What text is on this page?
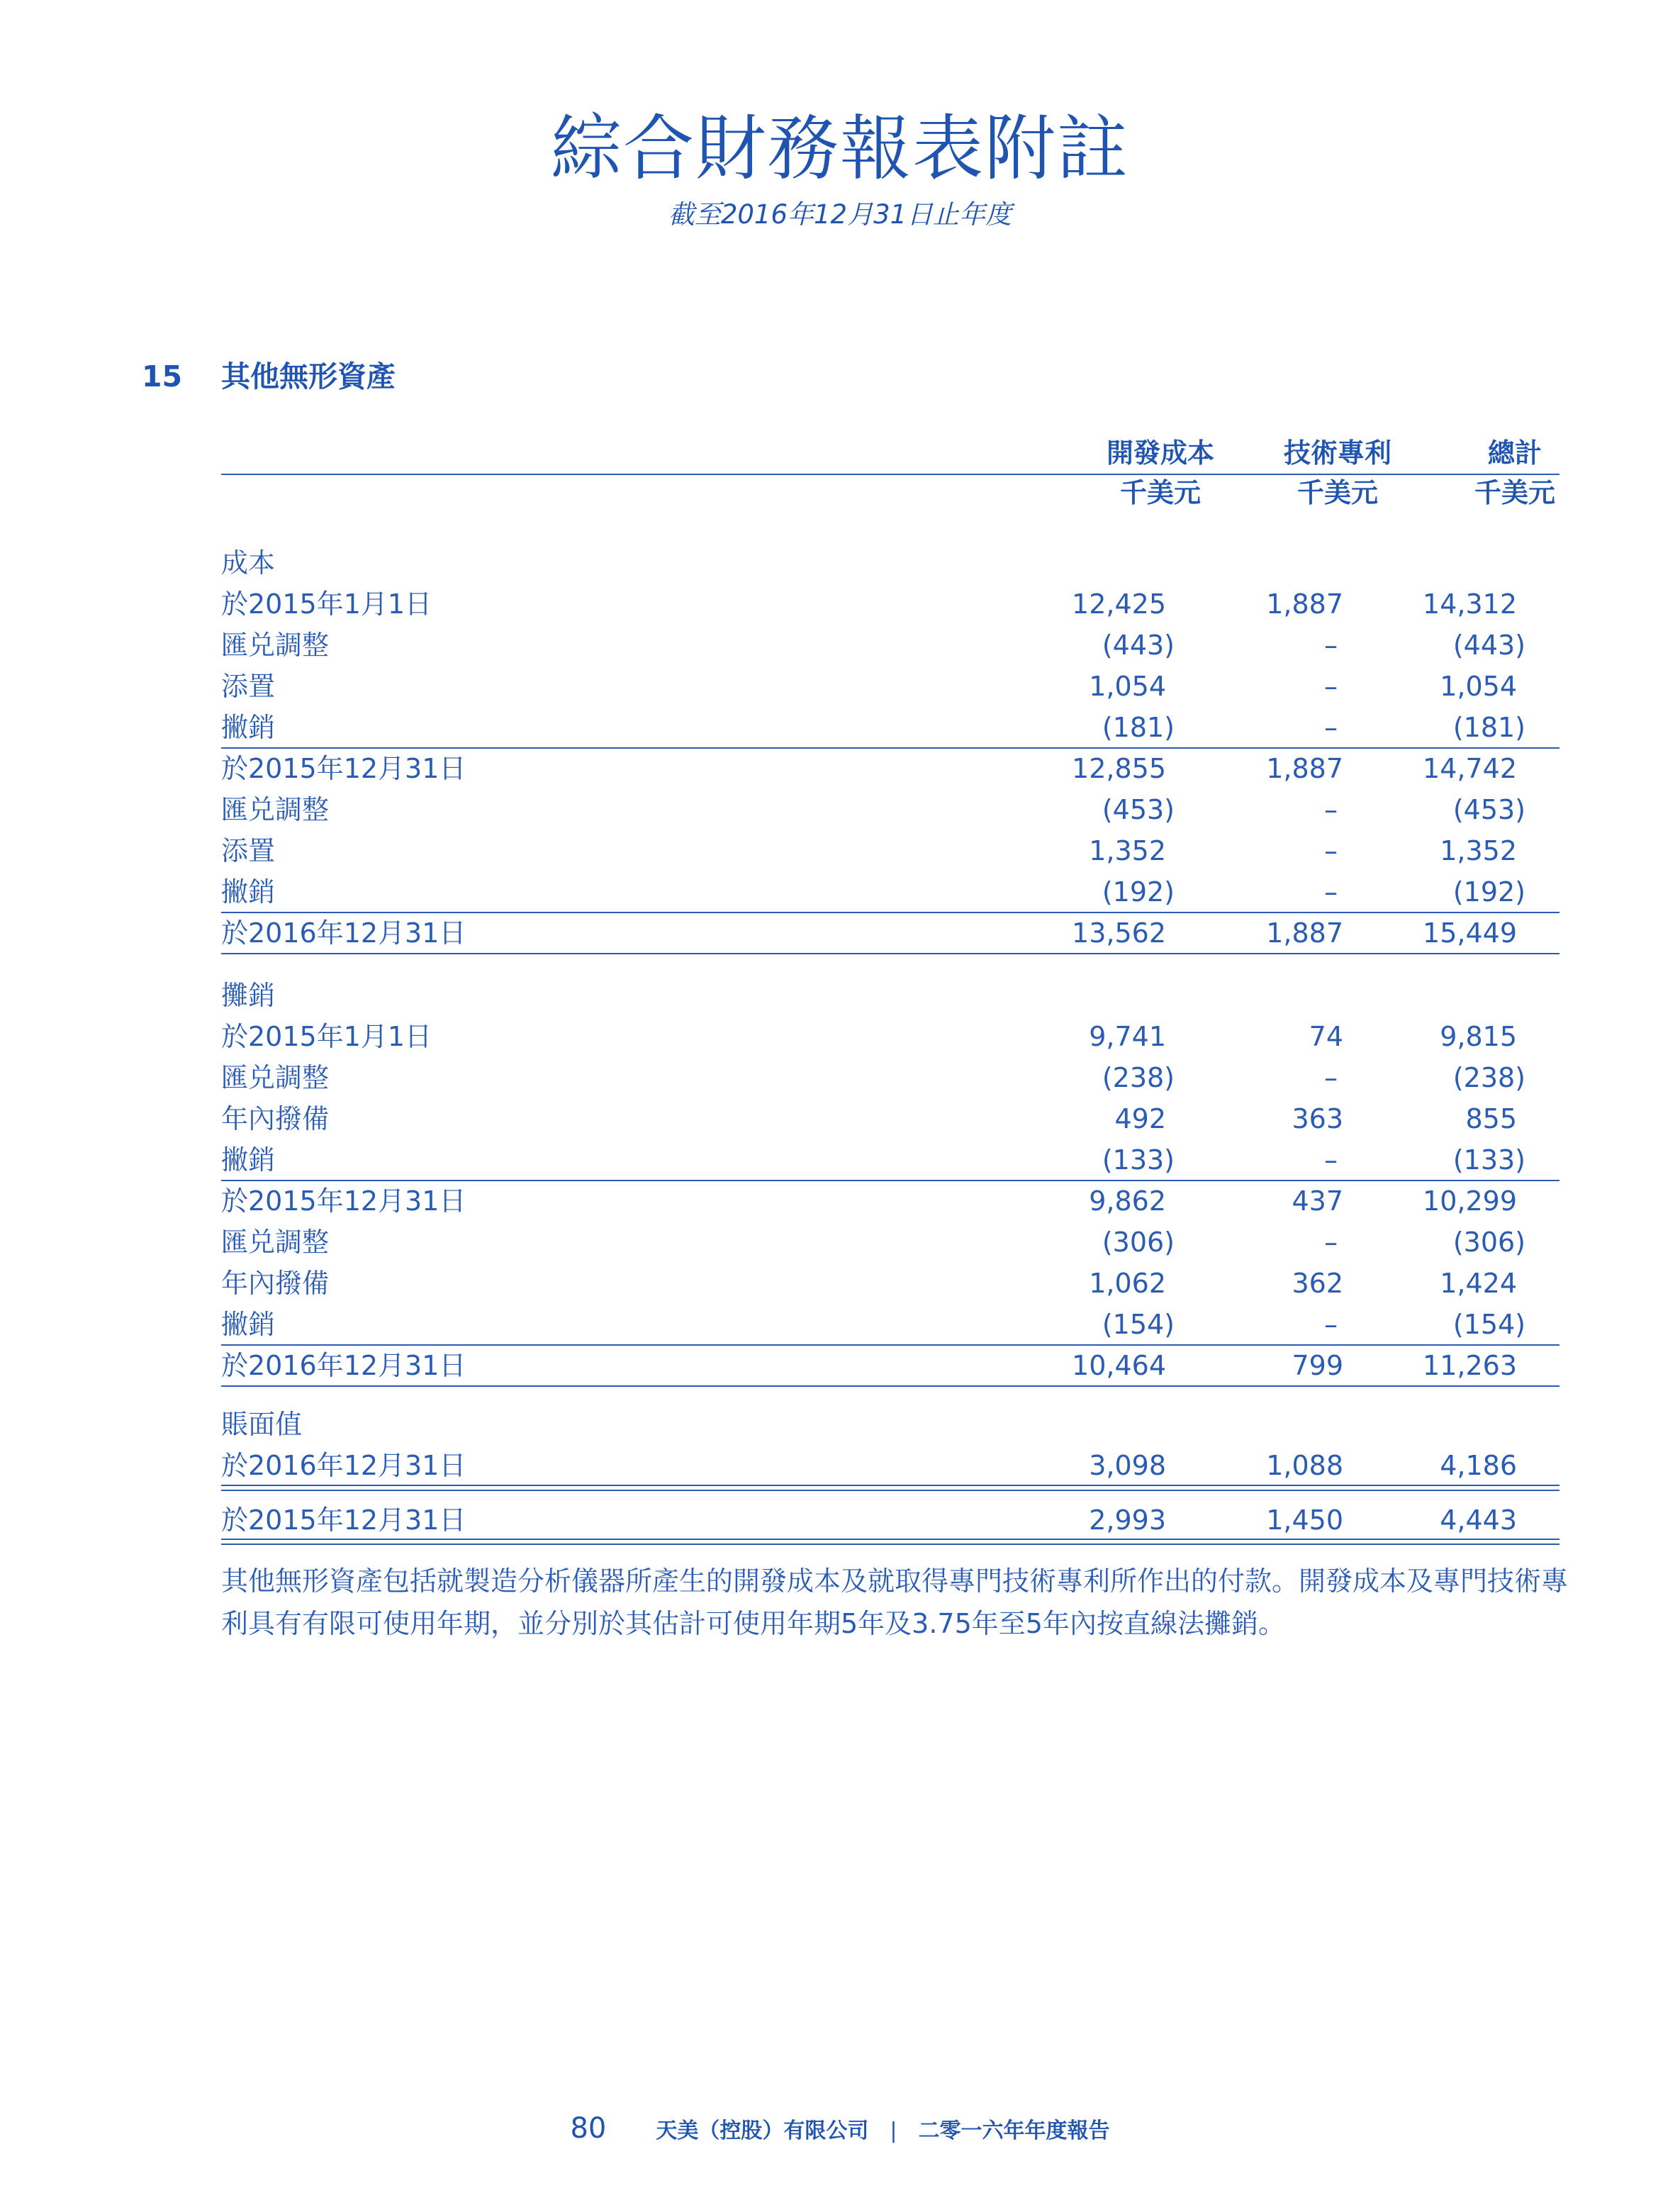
綜合財務報表附註
截至2016年12月31日止年度
15 其他無形資產
開發成本	技術專利	總計
千美元	千美元	千美元
成本
於2015年1月1日	12,425	1,887	14,312
匯兑調整	(443)	–	(443)
添置	1,054	–	1,054
撇銷	(181)	–	(181)
於2015年12月31日	12,855	1,887	14,742
匯兑調整	(453)	–	(453)
添置	1,352	–	1,352
撇銷	(192)	–	(192)
於2016年12月31日	13,562	1,887	15,449
攤銷
於2015年1月1日	9,741	74	9,815
匯兑調整	(238)	–	(238)
年內撥備	492	363	855
撇銷	(133)	–	(133)
於2015年12月31日	9,862	437	10,299
匯兑調整	(306)	–	(306)
年內撥備	1,062	362	1,424
撇銷	(154)	–	(154)
於2016年12月31日	10,464	799	11,263
賬面值
於2016年12月31日	3,098	1,088	4,186
於2015年12月31日	2,993	1,450	4,443
其他無形資產包括就製造分析儀器所產生的開發成本及就取得專門技術專利所作出的付款。開發成本及專門技術專利具有有限可使用年期，並分別於其估計可使用年期5年及3.75年至5年內按直線法攤銷。
80 天美（控股）有限公司 | 二零一六年年度報告
